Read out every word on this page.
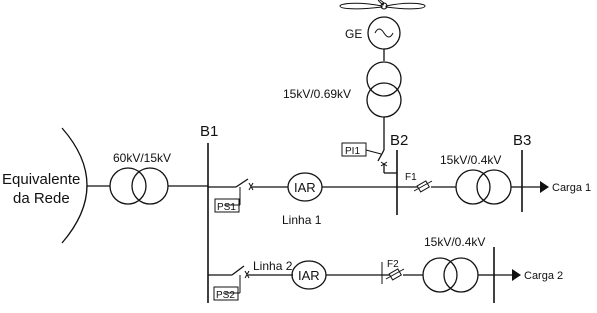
Equivalente
da Rede
60kV/15kV
B1
PS1
IAR
Linha 1
GE
15kV/0.69kV
PI1
B2
F1
15kV/0.4kV
B3
Carga 1
PS2
Linha 2
IAR
F2
15kV/0.4kV
Carga 2
